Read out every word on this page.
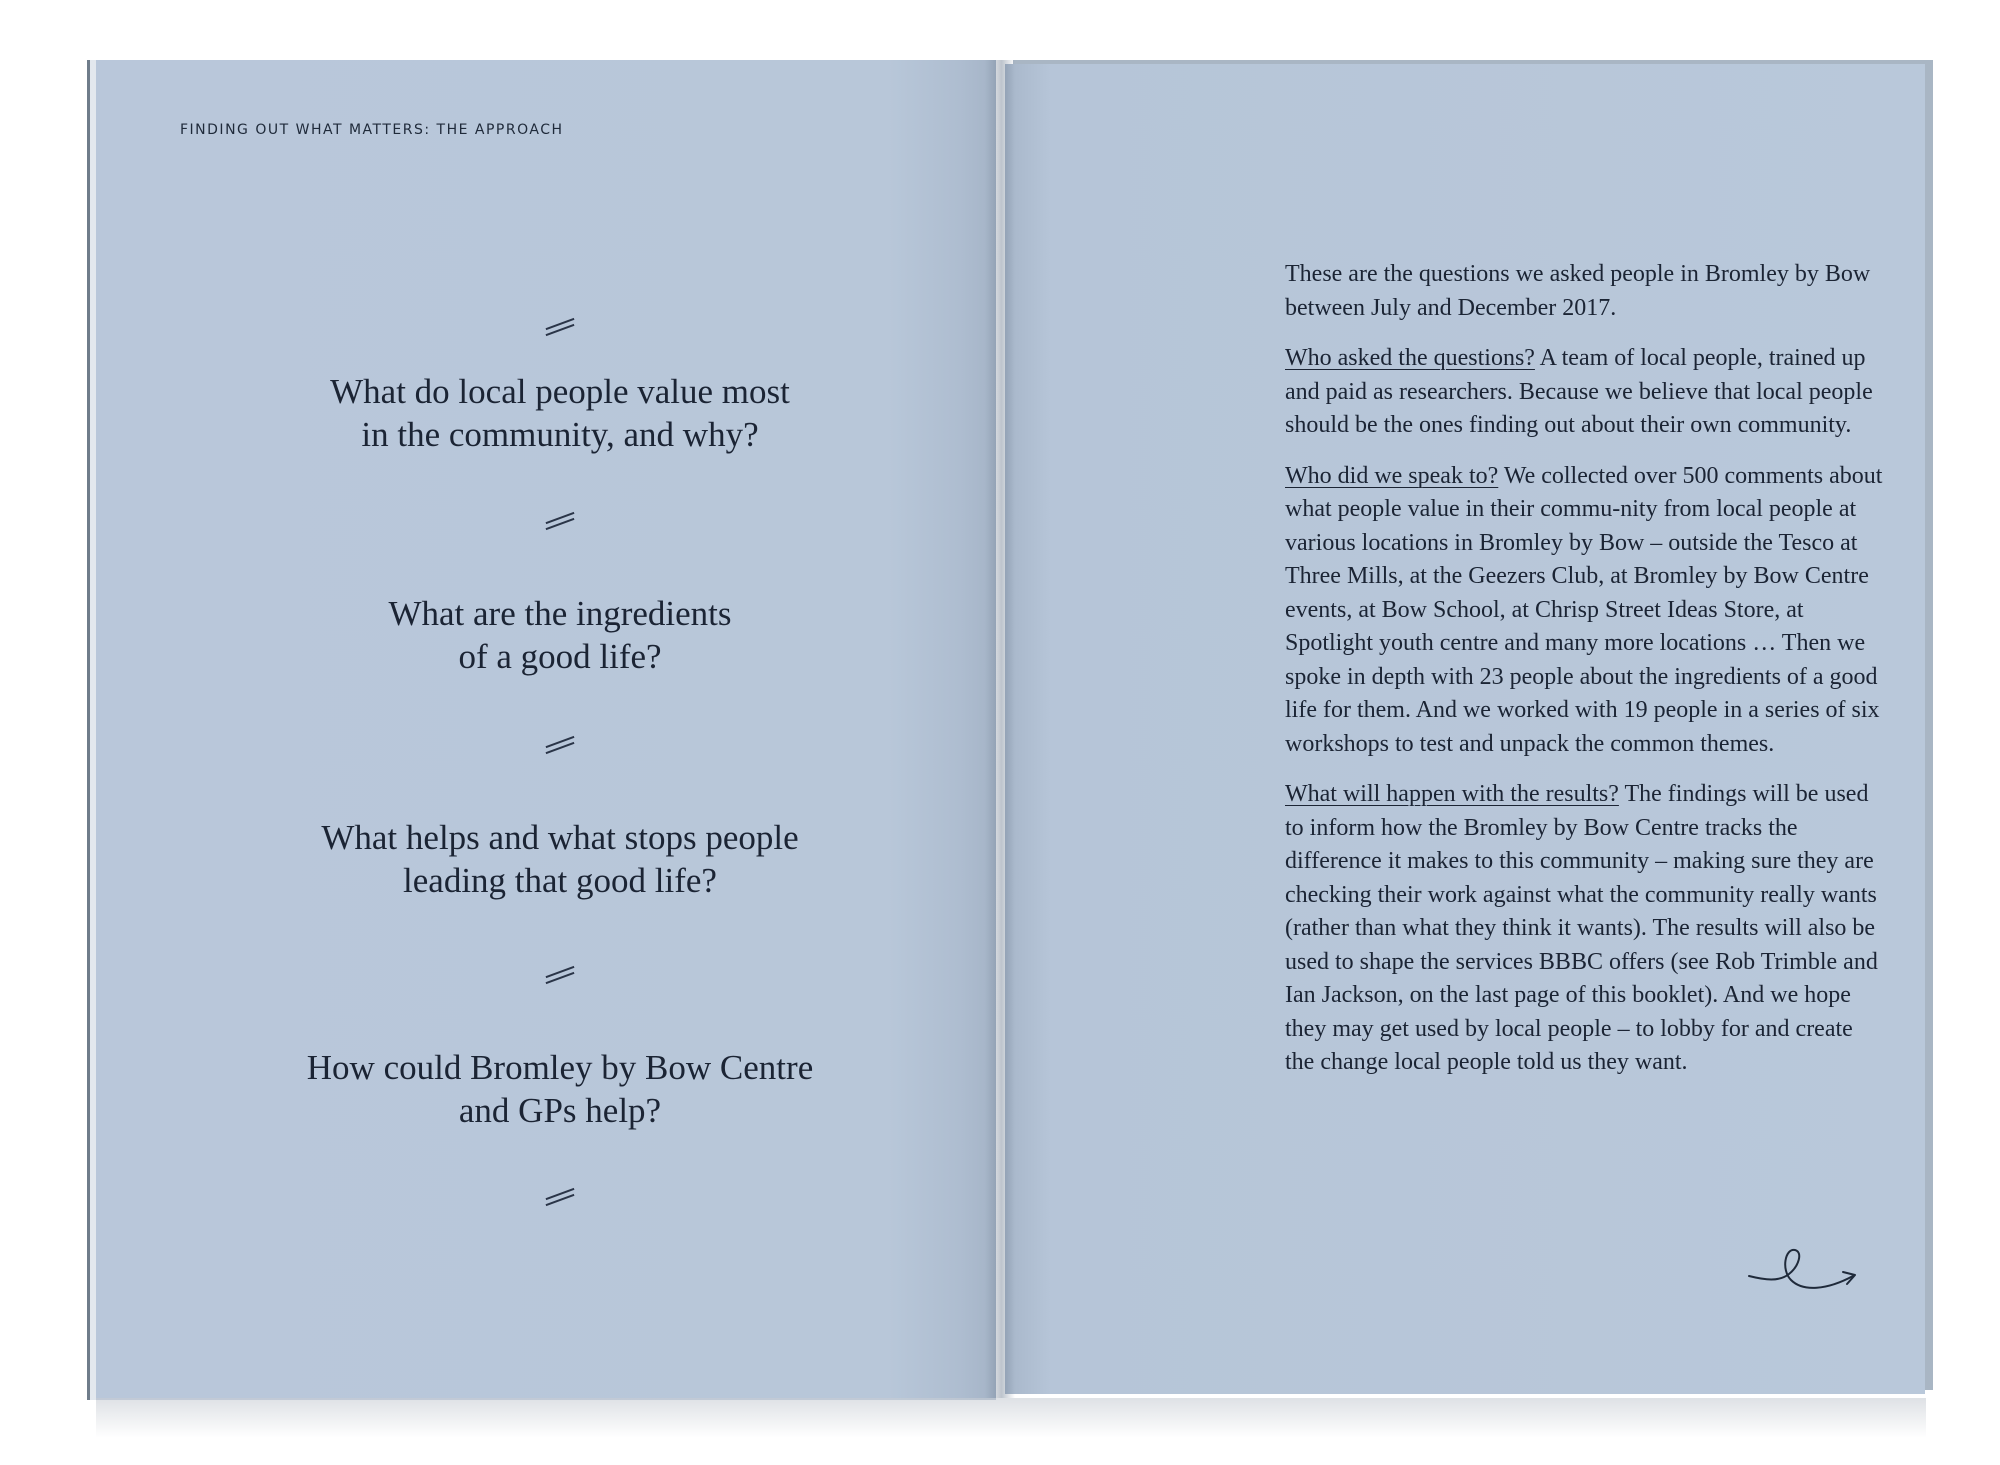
FINDING OUT WHAT MATTERS: THE APPROACH

What do local people value most
in the community, and why?

What are the ingredients
of a good life?

What helps and what stops people
leading that good life?

How could Bromley by Bow Centre
and GPs help?

These are the questions we asked people in Bromley by Bow between July and December 2017.

Who asked the questions? A team of local people, trained up and paid as researchers. Because we believe that local people should be the ones finding out about their own community.

Who did we speak to? We collected over 500 comments about what people value in their commu-nity from local people at various locations in Bromley by Bow – outside the Tesco at Three Mills, at the Geezers Club, at Bromley by Bow Centre events, at Bow School, at Chrisp Street Ideas Store, at Spotlight youth centre and many more locations … Then we spoke in depth with 23 people about the ingredients of a good life for them. And we worked with 19 people in a series of six workshops to test and unpack the common themes.

What will happen with the results? The findings will be used to inform how the Bromley by Bow Centre tracks the difference it makes to this community – making sure they are checking their work against what the community really wants (rather than what they think it wants). The results will also be used to shape the services BBBC offers (see Rob Trimble and Ian Jackson, on the last page of this booklet). And we hope they may get used by local people – to lobby for and create the change local people told us they want.
